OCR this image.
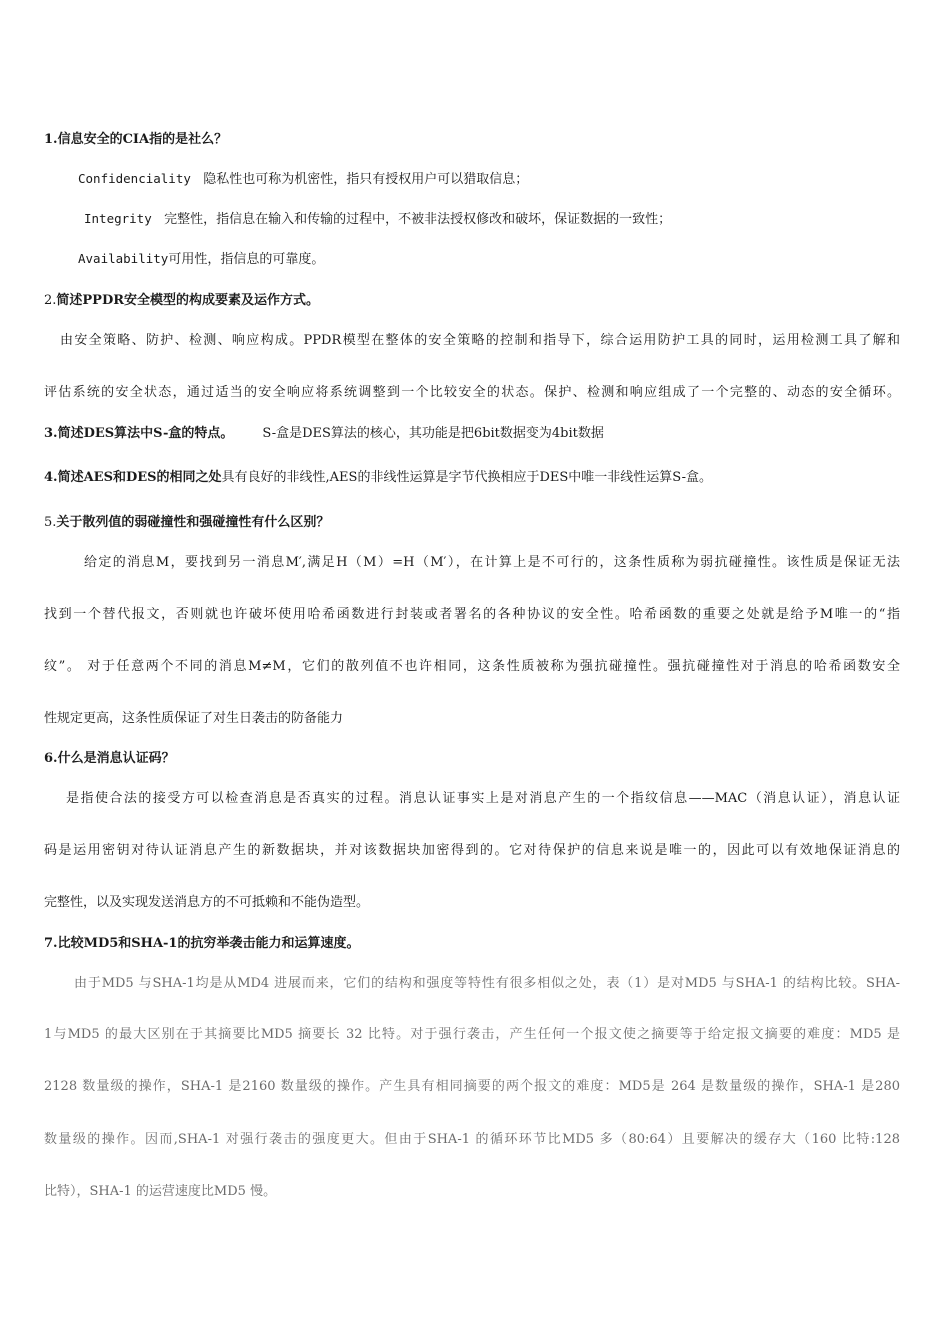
1.信息安全的CIA指的是社么？
Confidenciality 隐私性也可称为机密性，指只有授权用户可以猎取信息；
Integrity 完整性，指信息在输入和传输的过程中，不被非法授权修改和破坏，保证数据的一致性；
Availability可用性，指信息的可靠度。
2.简述PPDR安全模型的构成要素及运作方式。
由安全策略、防护、检测、响应构成。PPDR模型在整体的安全策略的控制和指导下，综合运用防护工具的同时，运用检测工具了解和
评估系统的安全状态，通过适当的安全响应将系统调整到一个比较安全的状态。保护、检测和响应组成了一个完整的、动态的安全循环。
3.简述DES算法中S-盒的特点。 S-盒是DES算法的核心，其功能是把6bit数据变为4bit数据
4.简述AES和DES的相同之处具有良好的非线性,AES的非线性运算是字节代换相应于DES中唯一非线性运算S-盒。
5.关于散列值的弱碰撞性和强碰撞性有什么区别？
给定的消息M，要找到另一消息M′,满足H（M）=H（M′），在计算上是不可行的，这条性质称为弱抗碰撞性。该性质是保证无法
找到一个替代报文，否则就也许破坏使用哈希函数进行封装或者署名的各种协议的安全性。哈希函数的重要之处就是给予M唯一的“指
纹”。 对于任意两个不同的消息M≠M，它们的散列值不也许相同，这条性质被称为强抗碰撞性。强抗碰撞性对于消息的哈希函数安全
性规定更高，这条性质保证了对生日袭击的防备能力
6.什么是消息认证码？
是指使合法的接受方可以检查消息是否真实的过程。消息认证事实上是对消息产生的一个指纹信息——MAC（消息认证），消息认证
码是运用密钥对待认证消息产生的新数据块，并对该数据块加密得到的。它对待保护的信息来说是唯一的，因此可以有效地保证消息的
完整性，以及实现发送消息方的不可抵赖和不能伪造型。
7.比较MD5和SHA-1的抗穷举袭击能力和运算速度。
由于MD5 与SHA-1均是从MD4 进展而来，它们的结构和强度等特性有很多相似之处，表（1）是对MD5 与SHA-1 的结构比较。SHA-
1与MD5 的最大区别在于其摘要比MD5 摘要长 32 比特。对于强行袭击，产生任何一个报文使之摘要等于给定报文摘要的难度：MD5 是
2128 数量级的操作，SHA-1 是2160 数量级的操作。产生具有相同摘要的两个报文的难度：MD5是 264 是数量级的操作，SHA-1 是280
数量级的操作。因而,SHA-1 对强行袭击的强度更大。但由于SHA-1 的循环环节比MD5 多（80:64）且要解决的缓存大（160 比特:128
比特），SHA-1 的运营速度比MD5 慢。
